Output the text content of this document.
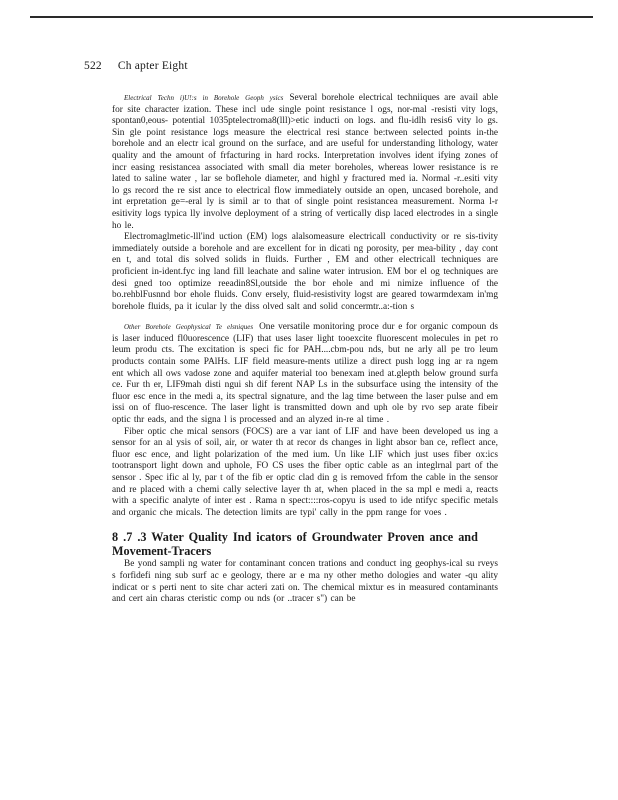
522 Ch apter Eight

Electrical Techn i)U!:s in Borehole Geoph ysics Several borehole electrical techniiques are avail able for site character ization. These incl ude single point resistance l ogs, nor-mal -resisti vity logs, spontan0,eous- potential 1035ptelectroma8(lll)>etic inducti on logs. and flu-idlh resis6 vity lo gs. Sin gle point resistance logs measure the electrical resi stance be:tween selected points in-the borehole and an electr ical ground on the surface, and are useful for understanding lithology, water quality and the amount of frfacturing in hard rocks. Interpretation involves ident ifying zones of incr easing resistancea associated with small dia meter boreholes, whereas lower resistance is re lated to saline water , lar se boflehole diameter, and highl y fractured med ia. Normal -r..esiti vity lo gs record the re sist ance to electrical flow immediately outside an open, uncased borehole, and int erpretation ge=-eral ly is simil ar to that of single point resistancea measurement. Norma l-r esitivity logs typica lly involve deployment of a string of vertically disp laced electrodes in a single ho le.

Electromaglmetic-lll'ind uction (EM) logs alalsomeasure electricall conductivity or re sis-tivity immediately outside a borehole and are excellent for in dicati ng porosity, per mea-bility , day cont en t, and total dis solved solids in fluids. Further , EM and other electricall techniques are proficient in-ident.fyc ing land fill leachate and saline water intrusion. EM bor el og techniques are desi gned too optimize reeadin8Sl,outside the bor ehole and mi nimize influence of the bo.rehblFusnnd bor ehole fluids. Conv ersely, fluid-resistivity logst are geared towarmdexam in'mg borehole fluids, pa it icular ly the diss olved salt and solid concermtr..a:-tion s

Other Borehole Geophysical Te elsniques One versatile monitoring proce dur e for organic compoun ds is laser induced fl0uorescence (LIF) that uses laser light tooexcite fluorescent molecules in pet ro leum produ cts. The excitation is speci fic for PAH....cbm-pou nds, but ne arly all pe tro leum products contain some PAlHs. LIF field measure-ments utilize a direct push logg ing ar ra ngem ent which all ows vadose zone and aquifer material too benexam ined at.glepth below ground surfa ce. Fur th er, LIF9mah disti ngui sh dif ferent NAP Ls in the subsurface using the intensity of the fluor esc ence in the medi a, its spectral signature, and the lag time between the laser pulse and em issi on of fluo-rescence. The laser light is transmitted down and uph ole by rvo sep arate fibeir optic thr eads, and the signa l is processed and an alyzed in-re al time .

Fiber optic che mical sensors (FOCS) are a var iant of LIF and have been developed us ing a sensor for an al ysis of soil, air, or water th at recor ds changes in light absor ban ce, reflect ance, fluor esc ence, and light polarization of the med ium. Un like LIF which just uses fiber ox:ics tootransport light down and uphole, FO CS uses the fiber optic cable as an integlrnal part of the sensor . Spec ific al ly, par t of the fib er optic clad din g is removed frfom the cable in the sensor and re placed with a chemi cally selective layer th at, when placed in the sa mpl e medi a, reacts with a specific analyte of inter est . Rama n spect::::ros-copyu is used to ide ntifyc specific metals and organic che micals. The detection limits are typi' cally in the ppm range for voes .

8 .7 .3 Water Quality Ind icators of Groundwater Proven ance and
Movement-Tracers

Be yond sampli ng water for contaminant concen trations and conduct ing geophys-ical su rveys s forfidefi ning sub surf ac e geology, there ar e ma ny other metho dologies and water -qu ality indicat or s perti nent to site char acteri zati on. The chemical mixtur es in measured contaminants and cert ain charas cteristic comp ou nds (or ..tracer s") can be
